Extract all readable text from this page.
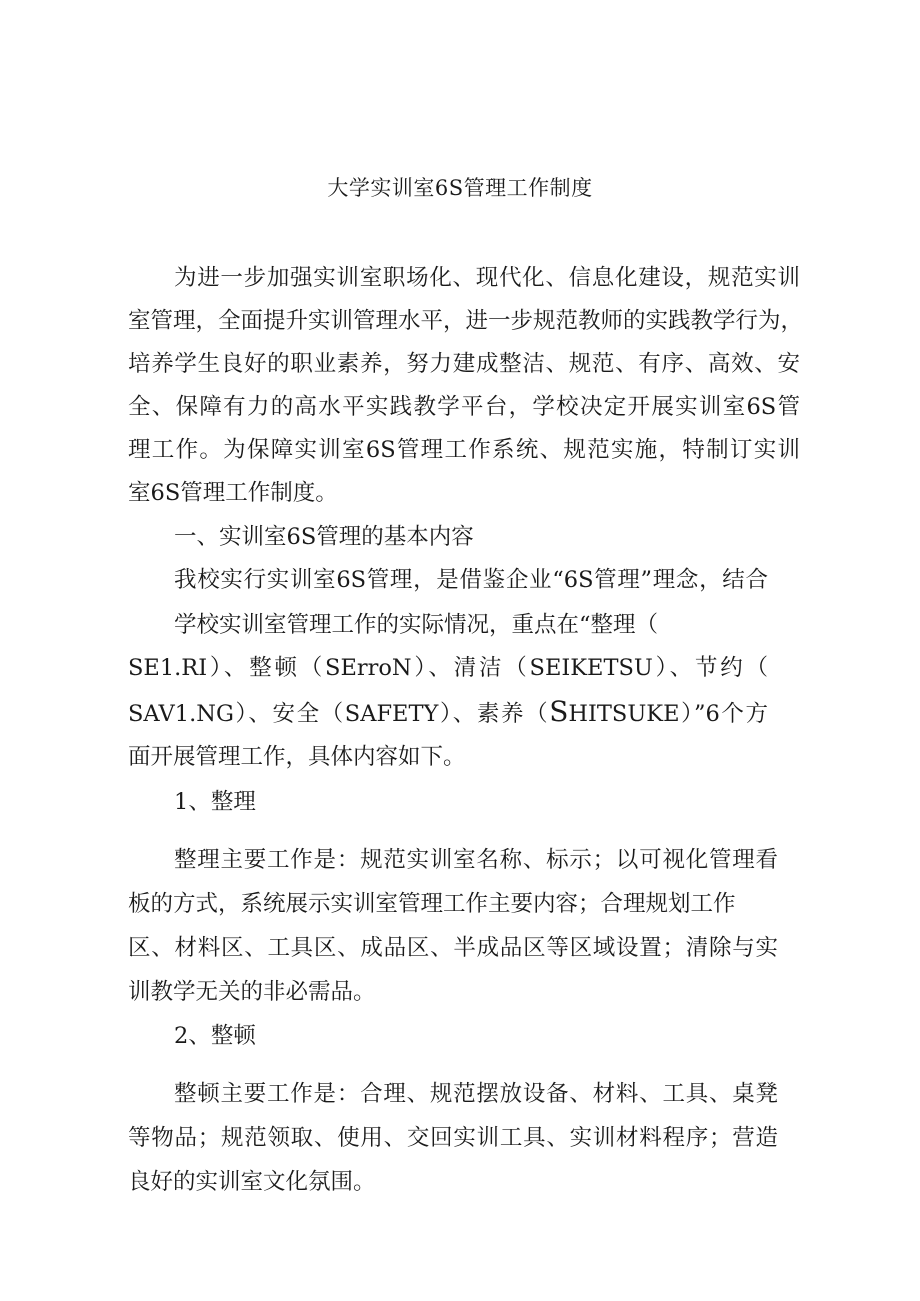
大学实训室6S管理工作制度
为进一步加强实训室职场化、现代化、信息化建设，规范实训
室管理，全面提升实训管理水平，进一步规范教师的实践教学行为，
培养学生良好的职业素养，努力建成整洁、规范、有序、高效、安
全、保障有力的高水平实践教学平台，学校决定开展实训室6S管
理工作。为保障实训室6S管理工作系统、规范实施，特制订实训
室6S管理工作制度。

一、实训室6S管理的基本内容

我校实行实训室6S管理，是借鉴企业“6S管理”理念，结合
学校实训室管理工作的实际情况，重点在“整理（
SE1.RI）、整顿（SErroN）、清洁（SEIKETSU）、节约（
SAV1.NG）、安全（SAFETY）、素养（SHITSUKE）”6个方
面开展管理工作，具体内容如下。

1、整理

整理主要工作是：规范实训室名称、标示；以可视化管理看
板的方式，系统展示实训室管理工作主要内容；合理规划工作
区、材料区、工具区、成品区、半成品区等区域设置；清除与实
训教学无关的非必需品。

2、整顿

整顿主要工作是：合理、规范摆放设备、材料、工具、桌凳
等物品；规范领取、使用、交回实训工具、实训材料程序；营造
良好的实训室文化氛围。
